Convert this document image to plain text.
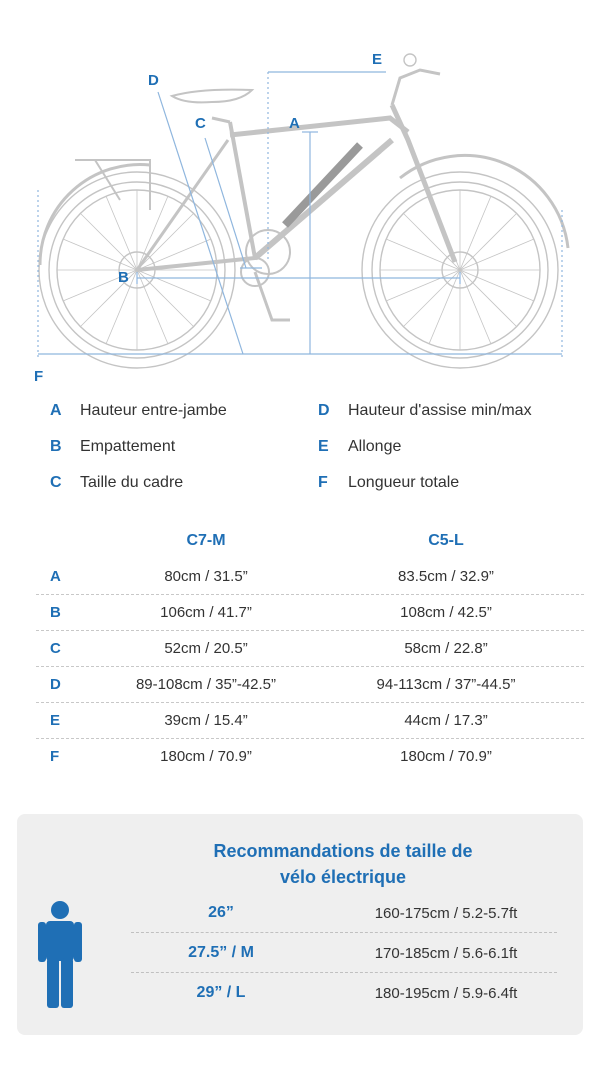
D
C	A
E
B
F
A	Hauteur entre-jambe
B	Empattement
C	Taille du cadre
D	Hauteur d'assise min/max
E	Allonge
F	Longueur totale
C7-M	C5-L
A	80cm / 31.5”	83.5cm / 32.9”
B	106cm / 41.7”	108cm / 42.5”
C	52cm / 20.5”	58cm / 22.8”
D	89-108cm / 35”-42.5”	94-113cm / 37”-44.5”
E	39cm / 15.4”	44cm / 17.3”
F	180cm / 70.9”	180cm / 70.9”
Recommandations de taille de
vélo électrique
26”	160-175cm / 5.2-5.7ft
27.5” / M	170-185cm / 5.6-6.1ft
29” / L	180-195cm / 5.9-6.4ft
